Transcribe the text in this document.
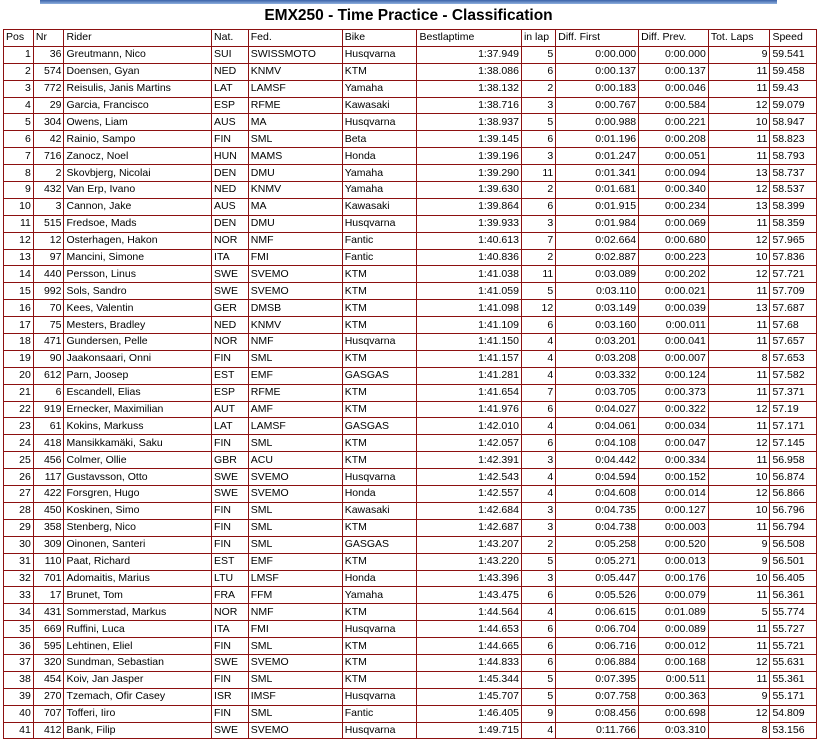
EMX250 - Time Practice - Classification
Pos	Nr	Rider	Nat.	Fed.	Bike	Bestlaptime	in lap	Diff. First	Diff. Prev.	Tot. Laps	Speed
1	36	Greutmann, Nico	SUI	SWISSMOTO	Husqvarna	1:37.949	5	0:00.000	0:00.000	9	59.541
2	574	Doensen, Gyan	NED	KNMV	KTM	1:38.086	6	0:00.137	0:00.137	11	59.458
3	772	Reisulis, Janis Martins	LAT	LAMSF	Yamaha	1:38.132	2	0:00.183	0:00.046	11	59.43
4	29	Garcia, Francisco	ESP	RFME	Kawasaki	1:38.716	3	0:00.767	0:00.584	12	59.079
5	304	Owens, Liam	AUS	MA	Husqvarna	1:38.937	5	0:00.988	0:00.221	10	58.947
6	42	Rainio, Sampo	FIN	SML	Beta	1:39.145	6	0:01.196	0:00.208	11	58.823
7	716	Zanocz, Noel	HUN	MAMS	Honda	1:39.196	3	0:01.247	0:00.051	11	58.793
8	2	Skovbjerg, Nicolai	DEN	DMU	Yamaha	1:39.290	11	0:01.341	0:00.094	13	58.737
9	432	Van Erp, Ivano	NED	KNMV	Yamaha	1:39.630	2	0:01.681	0:00.340	12	58.537
10	3	Cannon, Jake	AUS	MA	Kawasaki	1:39.864	6	0:01.915	0:00.234	13	58.399
11	515	Fredsoe, Mads	DEN	DMU	Husqvarna	1:39.933	3	0:01.984	0:00.069	11	58.359
12	12	Osterhagen, Hakon	NOR	NMF	Fantic	1:40.613	7	0:02.664	0:00.680	12	57.965
13	97	Mancini, Simone	ITA	FMI	Fantic	1:40.836	2	0:02.887	0:00.223	10	57.836
14	440	Persson, Linus	SWE	SVEMO	KTM	1:41.038	11	0:03.089	0:00.202	12	57.721
15	992	Sols, Sandro	SWE	SVEMO	KTM	1:41.059	5	0:03.110	0:00.021	11	57.709
16	70	Kees, Valentin	GER	DMSB	KTM	1:41.098	12	0:03.149	0:00.039	13	57.687
17	75	Mesters, Bradley	NED	KNMV	KTM	1:41.109	6	0:03.160	0:00.011	11	57.68
18	471	Gundersen, Pelle	NOR	NMF	Husqvarna	1:41.150	4	0:03.201	0:00.041	11	57.657
19	90	Jaakonsaari, Onni	FIN	SML	KTM	1:41.157	4	0:03.208	0:00.007	8	57.653
20	612	Parn, Joosep	EST	EMF	GASGAS	1:41.281	4	0:03.332	0:00.124	11	57.582
21	6	Escandell, Elias	ESP	RFME	KTM	1:41.654	7	0:03.705	0:00.373	11	57.371
22	919	Ernecker, Maximilian	AUT	AMF	KTM	1:41.976	6	0:04.027	0:00.322	12	57.19
23	61	Kokins, Markuss	LAT	LAMSF	GASGAS	1:42.010	4	0:04.061	0:00.034	11	57.171
24	418	Mansikkamäki, Saku	FIN	SML	KTM	1:42.057	6	0:04.108	0:00.047	12	57.145
25	456	Colmer, Ollie	GBR	ACU	KTM	1:42.391	3	0:04.442	0:00.334	11	56.958
26	117	Gustavsson, Otto	SWE	SVEMO	Husqvarna	1:42.543	4	0:04.594	0:00.152	10	56.874
27	422	Forsgren, Hugo	SWE	SVEMO	Honda	1:42.557	4	0:04.608	0:00.014	12	56.866
28	450	Koskinen, Simo	FIN	SML	Kawasaki	1:42.684	3	0:04.735	0:00.127	10	56.796
29	358	Stenberg, Nico	FIN	SML	KTM	1:42.687	3	0:04.738	0:00.003	11	56.794
30	309	Oinonen, Santeri	FIN	SML	GASGAS	1:43.207	2	0:05.258	0:00.520	9	56.508
31	110	Paat, Richard	EST	EMF	KTM	1:43.220	5	0:05.271	0:00.013	9	56.501
32	701	Adomaitis, Marius	LTU	LMSF	Honda	1:43.396	3	0:05.447	0:00.176	10	56.405
33	17	Brunet, Tom	FRA	FFM	Yamaha	1:43.475	6	0:05.526	0:00.079	11	56.361
34	431	Sommerstad, Markus	NOR	NMF	KTM	1:44.564	4	0:06.615	0:01.089	5	55.774
35	669	Ruffini, Luca	ITA	FMI	Husqvarna	1:44.653	6	0:06.704	0:00.089	11	55.727
36	595	Lehtinen, Eliel	FIN	SML	KTM	1:44.665	6	0:06.716	0:00.012	11	55.721
37	320	Sundman, Sebastian	SWE	SVEMO	KTM	1:44.833	6	0:06.884	0:00.168	12	55.631
38	454	Koiv, Jan Jasper	FIN	SML	KTM	1:45.344	5	0:07.395	0:00.511	11	55.361
39	270	Tzemach, Ofir Casey	ISR	IMSF	Husqvarna	1:45.707	5	0:07.758	0:00.363	9	55.171
40	707	Tofferi, Iiro	FIN	SML	Fantic	1:46.405	9	0:08.456	0:00.698	12	54.809
41	412	Bank, Filip	SWE	SVEMO	Husqvarna	1:49.715	4	0:11.766	0:03.310	8	53.156
